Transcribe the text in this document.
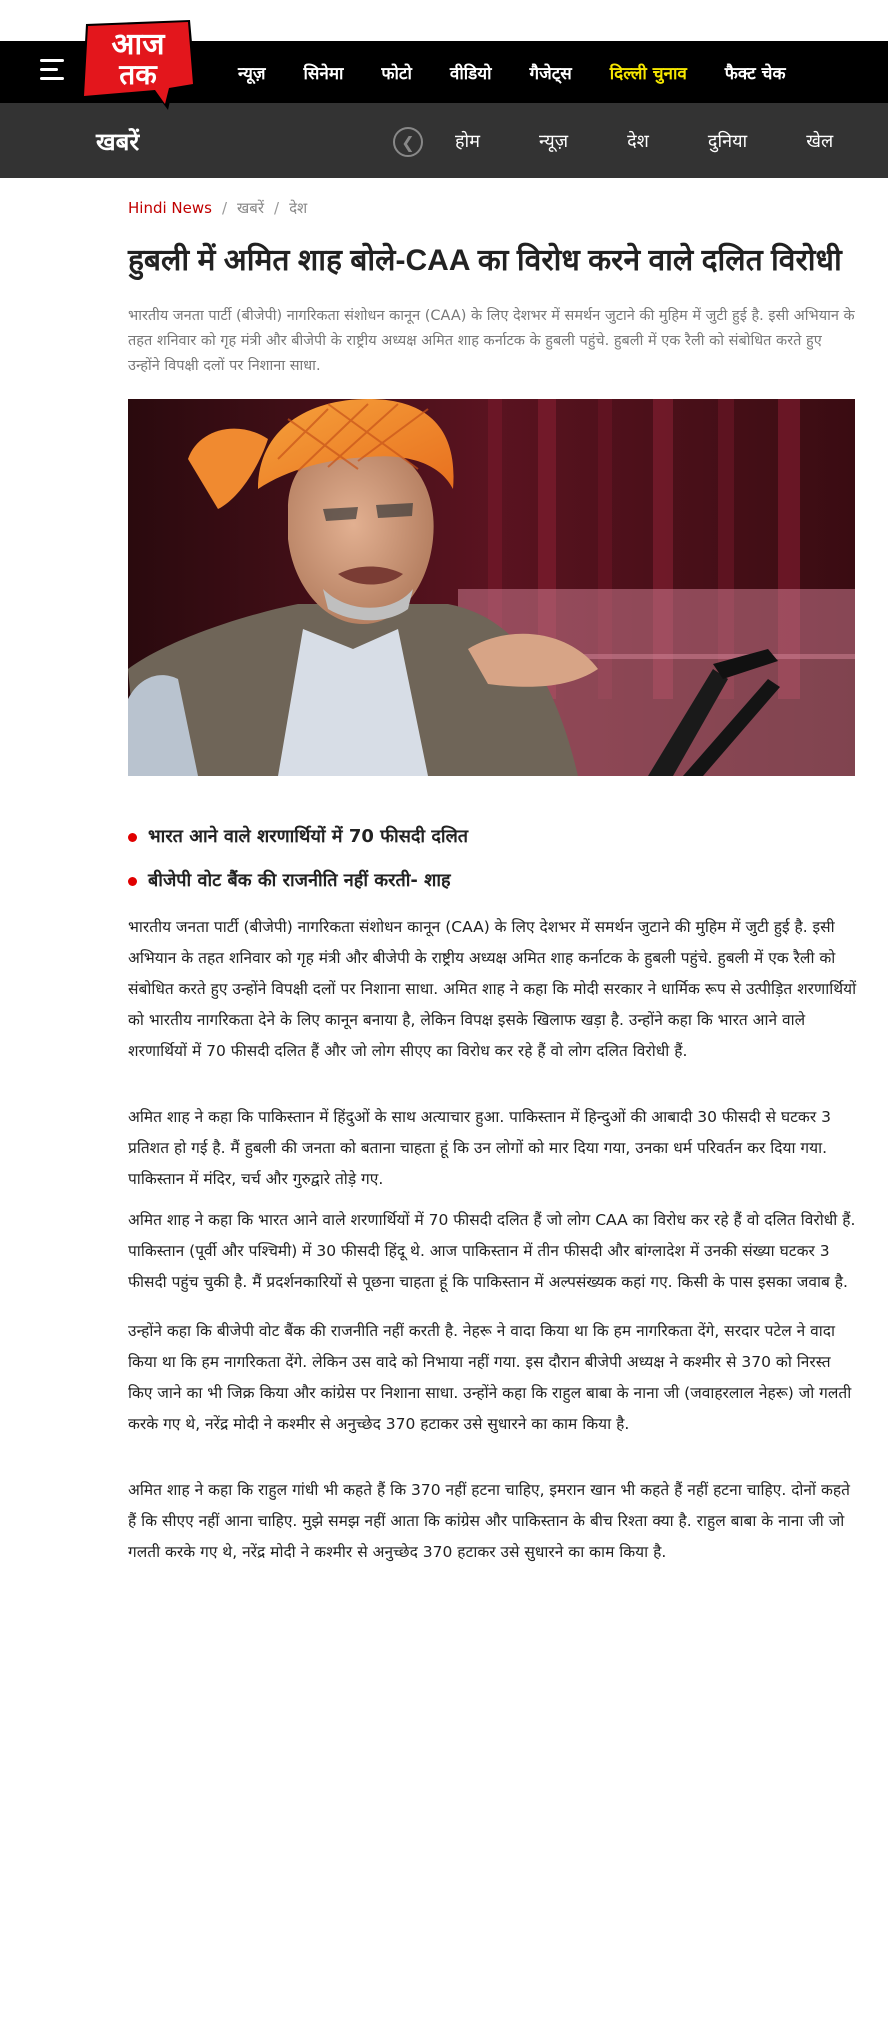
न्यूज़ सिनेमा फोटो वीडियो गैजेट्स दिल्ली चुनाव फैक्ट चेक
आज
तक
खबरें	❮	होम	न्यूज़	देश	दुनिया	खेल
Hindi News / खबरें / देश
हुबली में अमित शाह बोले-CAA का विरोध करने वाले दलित विरोधी

भारतीय जनता पार्टी (बीजेपी) नागरिकता संशोधन कानून (CAA) के लिए देशभर में समर्थन जुटाने की मुहिम में जुटी हुई है. इसी अभियान के तहत शनिवार को गृह मंत्री और बीजेपी के राष्ट्रीय अध्यक्ष अमित शाह कर्नाटक के हुबली पहुंचे. हुबली में एक रैली को संबोधित करते हुए उन्होंने विपक्षी दलों पर निशाना साधा.

भारत आने वाले शरणार्थियों में 70 फीसदी दलित
बीजेपी वोट बैंक की राजनीति नहीं करती- शाह

भारतीय जनता पार्टी (बीजेपी) नागरिकता संशोधन कानून (CAA) के लिए देशभर में समर्थन जुटाने की मुहिम में जुटी हुई है. इसी अभियान के तहत शनिवार को गृह मंत्री और बीजेपी के राष्ट्रीय अध्यक्ष अमित शाह कर्नाटक के हुबली पहुंचे. हुबली में एक रैली को संबोधित करते हुए उन्होंने विपक्षी दलों पर निशाना साधा. अमित शाह ने कहा कि मोदी सरकार ने धार्मिक रूप से उत्पीड़ित शरणार्थियों को भारतीय नागरिकता देने के लिए कानून बनाया है, लेकिन विपक्ष इसके खिलाफ खड़ा है. उन्होंने कहा कि भारत आने वाले शरणार्थियों में 70 फीसदी दलित हैं और जो लोग सीएए का विरोध कर रहे हैं वो लोग दलित विरोधी हैं.

अमित शाह ने कहा कि पाकिस्तान में हिंदुओं के साथ अत्याचार हुआ. पाकिस्तान में हिन्दुओं की आबादी 30 फीसदी से घटकर 3 प्रतिशत हो गई है. मैं हुबली की जनता को बताना चाहता हूं कि उन लोगों को मार दिया गया, उनका धर्म परिवर्तन कर दिया गया. पाकिस्तान में मंदिर, चर्च और गुरुद्वारे तोड़े गए.

अमित शाह ने कहा कि भारत आने वाले शरणार्थियों में 70 फीसदी दलित हैं जो लोग CAA का विरोध कर रहे हैं वो दलित विरोधी हैं. पाकिस्तान (पूर्वी और पश्चिमी) में 30 फीसदी हिंदू थे. आज पाकिस्तान में तीन फीसदी और बांग्लादेश में उनकी संख्या घटकर 3 फीसदी पहुंच चुकी है. मैं प्रदर्शनकारियों से पूछना चाहता हूं कि पाकिस्तान में अल्पसंख्यक कहां गए. किसी के पास इसका जवाब है.

उन्होंने कहा कि बीजेपी वोट बैंक की राजनीति नहीं करती है. नेहरू ने वादा किया था कि हम नागरिकता देंगे, सरदार पटेल ने वादा किया था कि हम नागरिकता देंगे. लेकिन उस वादे को निभाया नहीं गया. इस दौरान बीजेपी अध्यक्ष ने कश्मीर से 370 को निरस्त किए जाने का भी जिक्र किया और कांग्रेस पर निशाना साधा. उन्होंने कहा कि राहुल बाबा के नाना जी (जवाहरलाल नेहरू) जो गलती करके गए थे, नरेंद्र मोदी ने कश्मीर से अनुच्छेद 370 हटाकर उसे सुधारने का काम किया है.

अमित शाह ने कहा कि राहुल गांधी भी कहते हैं कि 370 नहीं हटना चाहिए, इमरान खान भी कहते हैं नहीं हटना चाहिए. दोनों कहते हैं कि सीएए नहीं आना चाहिए. मुझे समझ नहीं आता कि कांग्रेस और पाकिस्तान के बीच रिश्ता क्या है. राहुल बाबा के नाना जी जो गलती करके गए थे, नरेंद्र मोदी ने कश्मीर से अनुच्छेद 370 हटाकर उसे सुधारने का काम किया है.
